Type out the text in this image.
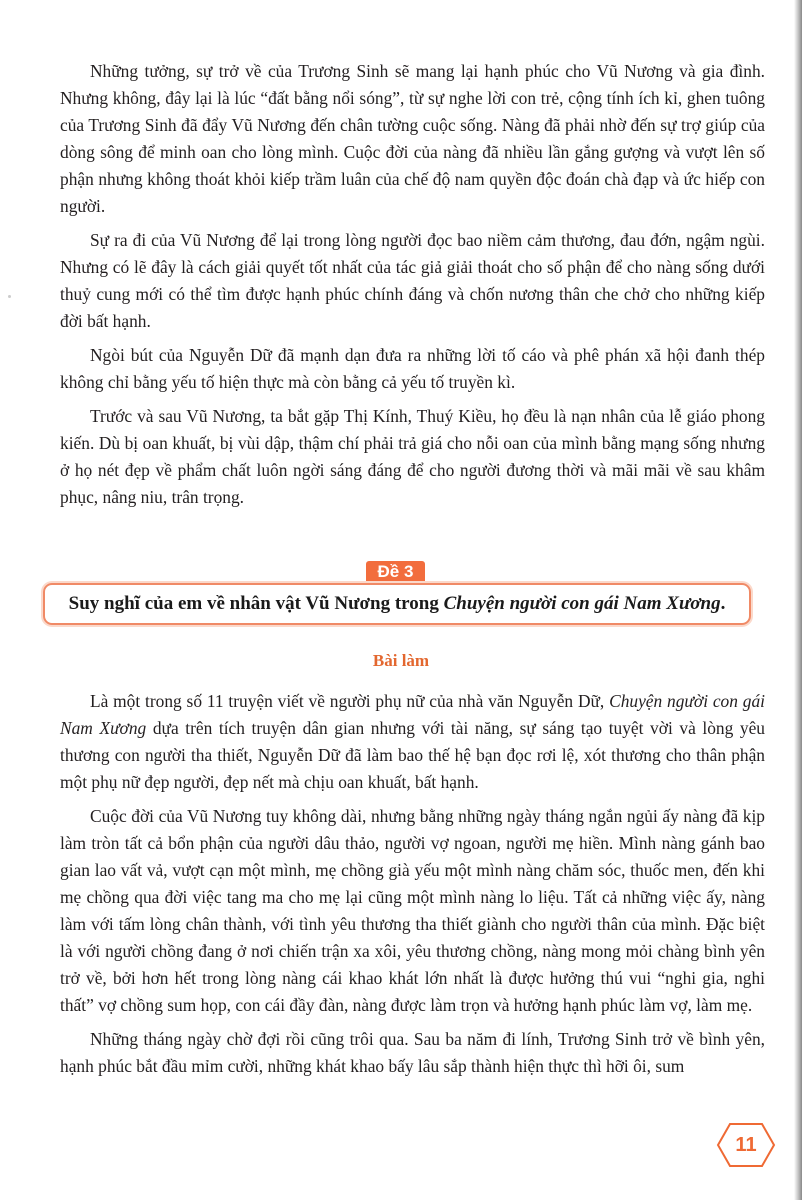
Những tưởng, sự trở về của Trương Sinh sẽ mang lại hạnh phúc cho Vũ Nương và gia đình. Nhưng không, đây lại là lúc “đất bằng nổi sóng”, từ sự nghe lời con trẻ, cộng tính ích kỉ, ghen tuông của Trương Sinh đã đẩy Vũ Nương đến chân tường cuộc sống. Nàng đã phải nhờ đến sự trợ giúp của dòng sông để minh oan cho lòng mình. Cuộc đời của nàng đã nhiều lần gắng gượng và vượt lên số phận nhưng không thoát khỏi kiếp trầm luân của chế độ nam quyền độc đoán chà đạp và ức hiếp con người.

Sự ra đi của Vũ Nương để lại trong lòng người đọc bao niềm cảm thương, đau đớn, ngậm ngùi. Nhưng có lẽ đây là cách giải quyết tốt nhất của tác giả giải thoát cho số phận để cho nàng sống dưới thuỷ cung mới có thể tìm được hạnh phúc chính đáng và chốn nương thân che chở cho những kiếp đời bất hạnh.

Ngòi bút của Nguyễn Dữ đã mạnh dạn đưa ra những lời tố cáo và phê phán xã hội đanh thép không chỉ bằng yếu tố hiện thực mà còn bằng cả yếu tố truyền kì.

Trước và sau Vũ Nương, ta bắt gặp Thị Kính, Thuý Kiều, họ đều là nạn nhân của lễ giáo phong kiến. Dù bị oan khuất, bị vùi dập, thậm chí phải trả giá cho nỗi oan của mình bằng mạng sống nhưng ở họ nét đẹp về phẩm chất luôn ngời sáng đáng để cho người đương thời và mãi mãi về sau khâm phục, nâng niu, trân trọng.

Đề 3
Suy nghĩ của em về nhân vật Vũ Nương trong Chuyện người con gái Nam Xương.
Bài làm

Là một trong số 11 truyện viết về người phụ nữ của nhà văn Nguyễn Dữ, Chuyện người con gái Nam Xương dựa trên tích truyện dân gian nhưng với tài năng, sự sáng tạo tuyệt vời và lòng yêu thương con người tha thiết, Nguyễn Dữ đã làm bao thế hệ bạn đọc rơi lệ, xót thương cho thân phận một phụ nữ đẹp người, đẹp nết mà chịu oan khuất, bất hạnh.

Cuộc đời của Vũ Nương tuy không dài, nhưng bằng những ngày tháng ngắn ngủi ấy nàng đã kịp làm tròn tất cả bổn phận của người dâu thảo, người vợ ngoan, người mẹ hiền. Mình nàng gánh bao gian lao vất vả, vượt cạn một mình, mẹ chồng già yếu một mình nàng chăm sóc, thuốc men, đến khi mẹ chồng qua đời việc tang ma cho mẹ lại cũng một mình nàng lo liệu. Tất cả những việc ấy, nàng làm với tấm lòng chân thành, với tình yêu thương tha thiết giành cho người thân của mình. Đặc biệt là với người chồng đang ở nơi chiến trận xa xôi, yêu thương chồng, nàng mong mỏi chàng bình yên trở về, bởi hơn hết trong lòng nàng cái khao khát lớn nhất là được hưởng thú vui “nghi gia, nghi thất” vợ chồng sum họp, con cái đầy đàn, nàng được làm trọn và hưởng hạnh phúc làm vợ, làm mẹ.

Những tháng ngày chờ đợi rồi cũng trôi qua. Sau ba năm đi lính, Trương Sinh trở về bình yên, hạnh phúc bắt đầu mỉm cười, những khát khao bấy lâu sắp thành hiện thực thì hỡi ôi, sum

11
